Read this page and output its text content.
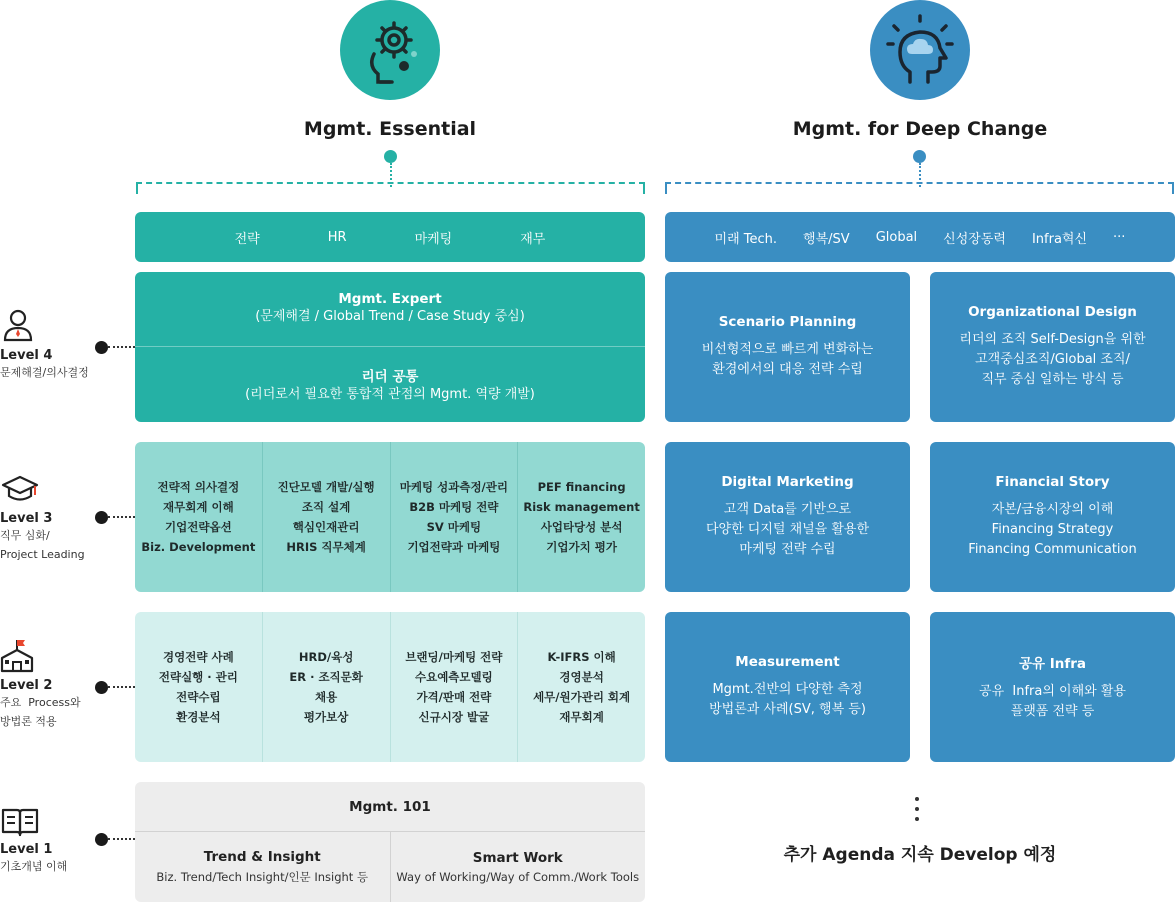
Mgmt. Essential	Mgmt. for Deep Change
전략	HR	마케팅	재무	미래 Tech. 행복/SV Global 신성장동력 Infra혁신 ···
Level 4
문제해결/의사결정
Level 3
직무 심화/
Project Leading
Level 2
주요  Process와
방법론 적용
Level 1
기초개념 이해
Mgmt. Expert
(문제해결 / Global Trend / Case Study 중심)
리더 공통
(리더로서 필요한 통합적 관점의 Mgmt. 역량 개발)
전략적 의사결정
재무회계 이해
기업전략옵션
Biz. Development
진단모델 개발/실행
조직 설계
핵심인재관리
HRIS 직무체계
마케팅 성과측정/관리
B2B 마케팅 전략
SV 마케팅
기업전략과 마케팅
PEF financing
Risk management
사업타당성 분석
기업가치 평가
경영전략 사례
전략실행 · 관리
전략수립
환경분석
HRD/육성
ER · 조직문화
채용
평가보상
브랜딩/마케팅 전략
수요예측모델링
가격/판매 전략
신규시장 발굴
K-IFRS 이해
경영분석
세무/원가관리 회계
재무회계
Mgmt. 101
Trend & Insight
Biz. Trend/Tech Insight/인문 Insight 등
Smart Work
Way of Working/Way of Comm./Work Tools
Scenario Planning
비선형적으로 빠르게 변화하는
환경에서의 대응 전략 수립
Organizational Design
리더의 조직 Self-Design을 위한
고객중심조직/Global 조직/
직무 중심 일하는 방식 등
Digital Marketing
고객 Data를 기반으로
다양한 디지털 채널을 활용한
마케팅 전략 수립
Financial Story
자본/금융시장의 이해
Financing Strategy
Financing Communication
Measurement
Mgmt.전반의 다양한 측정
방법론과 사례(SV, 행복 등)
공유 Infra
공유  Infra의 이해와 활용
플랫폼 전략 등
추가 Agenda 지속 Develop 예정
